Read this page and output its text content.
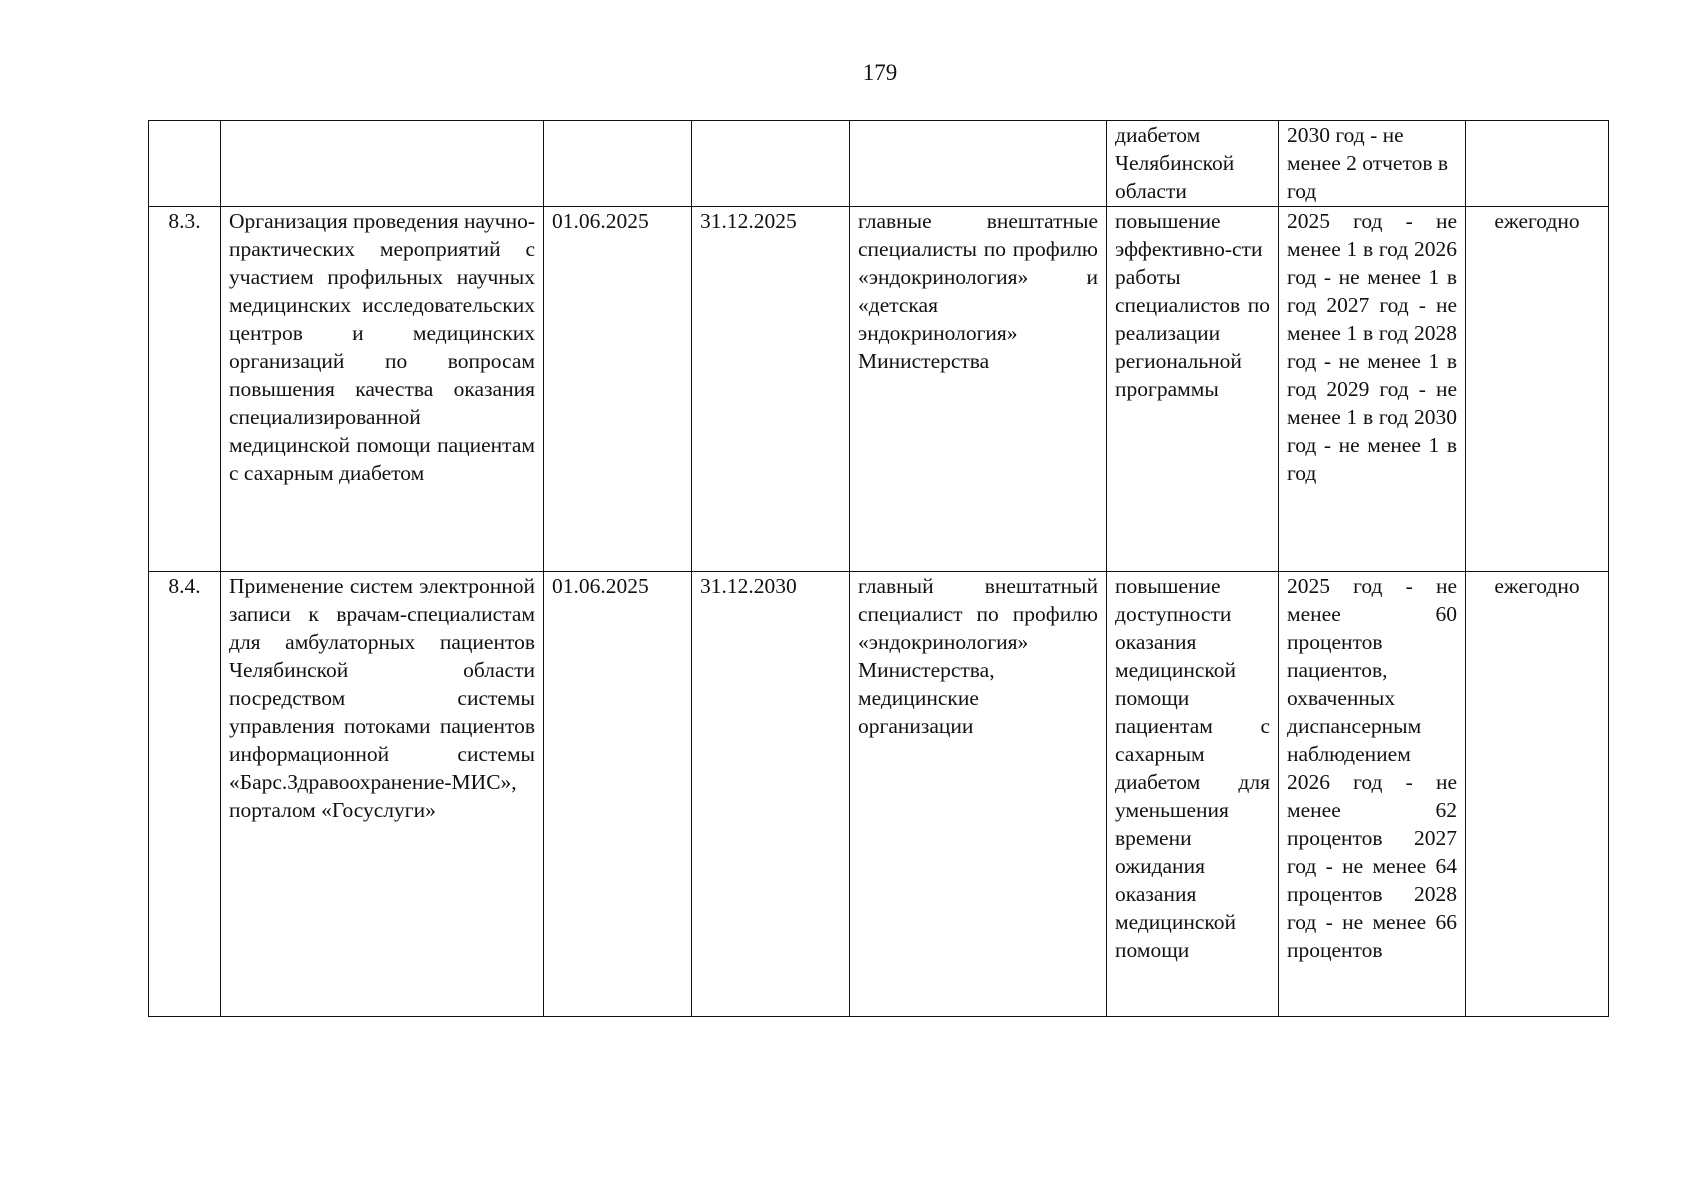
179
					диабетом Челябинской области	2030 год - не менее 2 отчетов в год	
8.3.	Организация проведения научно-практических мероприятий с участием профильных научных медицинских исследовательских центров и медицинских организаций по вопросам повышения качества оказания специализированной медицинской помощи пациентам с сахарным диабетом	01.06.2025	31.12.2025	главные внештатные специалисты по профилю «эндокринология» и «детская эндокринология» Министерства	повышение эффективно-сти работы специалистов по реализации региональной программы	2025 год - не менее 1 в год 2026 год - не менее 1 в год 2027 год - не менее 1 в год 2028 год - не менее 1 в год 2029 год - не менее 1 в год 2030 год - не менее 1 в год	ежегодно
8.4.	Применение систем электронной записи к врачам-специалистам для амбулаторных пациентов Челябинской области посредством системы управления потоками пациентов информационной системы «Барс.Здравоохранение-МИС», порталом «Госуслуги»	01.06.2025	31.12.2030	главный внештатный специалист по профилю «эндокринология» Министерства, медицинские организации	повышение доступности оказания медицинской помощи пациентам с сахарным диабетом для уменьшения времени ожидания оказания медицинской помощи	2025 год - не менее 60 процентов пациентов, охваченных диспансерным наблюдением 2026 год - не менее 62 процентов 2027 год - не менее 64 процентов 2028 год - не менее 66 процентов	ежегодно
